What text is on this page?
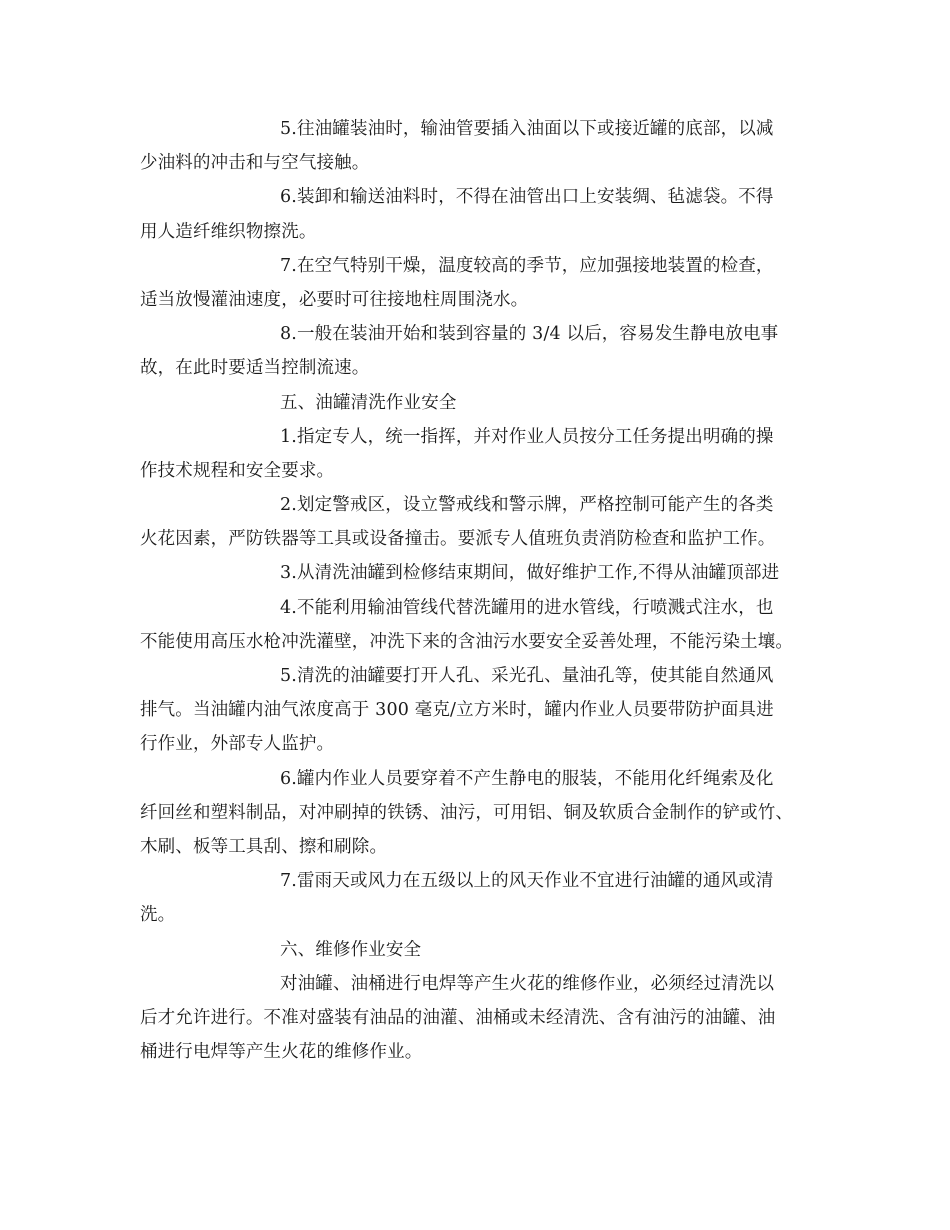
5.往油罐装油时，输油管要插入油面以下或接近罐的底部，以减
少油料的冲击和与空气接触。
6.装卸和输送油料时，不得在油管出口上安装绸、毡滤袋。不得
用人造纤维织物擦洗。
7.在空气特别干燥，温度较高的季节，应加强接地装置的检查，
适当放慢灌油速度，必要时可往接地柱周围浇水。
8.一般在装油开始和装到容量的 3/4 以后，容易发生静电放电事
故，在此时要适当控制流速。
五、油罐清洗作业安全
1.指定专人，统一指挥，并对作业人员按分工任务提出明确的操
作技术规程和安全要求。
2.划定警戒区，设立警戒线和警示牌，严格控制可能产生的各类
火花因素，严防铁器等工具或设备撞击。要派专人值班负责消防检查和监护工作。
3.从清洗油罐到检修结束期间，做好维护工作,不得从油罐顶部进
4.不能利用输油管线代替洗罐用的进水管线，行喷溅式注水，也
不能使用高压水枪冲洗灌壁，冲洗下来的含油污水要安全妥善处理，不能污染土壤。
5.清洗的油罐要打开人孔、采光孔、量油孔等，使其能自然通风
排气。当油罐内油气浓度高于 300 毫克/立方米时，罐内作业人员要带防护面具进
行作业，外部专人监护。
6.罐内作业人员要穿着不产生静电的服装，不能用化纤绳索及化
纤回丝和塑料制品，对冲刷掉的铁锈、油污，可用铝、铜及软质合金制作的铲或竹、
木刷、板等工具刮、擦和刷除。
7.雷雨天或风力在五级以上的风天作业不宜进行油罐的通风或清
洗。
六、维修作业安全
对油罐、油桶进行电焊等产生火花的维修作业，必须经过清洗以
后才允许进行。不准对盛装有油品的油灌、油桶或未经清洗、含有油污的油罐、油
桶进行电焊等产生火花的维修作业。
